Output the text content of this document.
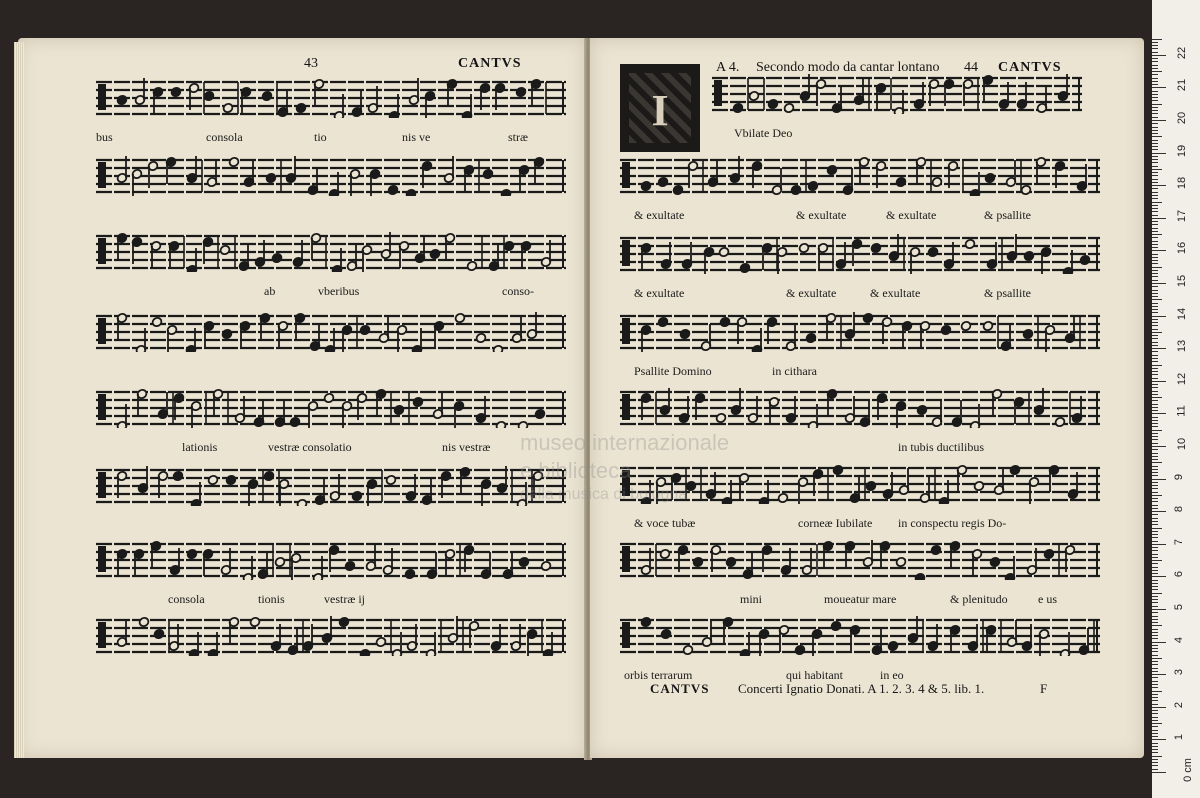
43	CANTVS
bus	consola	tio	nis ve	stræ
ab	vberibus	conso-
lationis	vestræ consolatio	nis vestræ
consola	tionis	vestræ ij
I
A 4. Secondo modo da cantar lontano 44 CANTVS
Vbilate Deo
& exultate	& exultate	& exultate	& psallite
& exultate	& exultate	& exultate	& psallite
Psallite Domino	in cithara
in tubis ductilibus
& voce tubæ	corneæ Iubilate in conspectu regis Do-
mini	moueatur mare	& plenitudo	e us
orbis terrarum	qui habitant	in eo
CANTVS Concerti Ignatio Donati. A 1. 2. 3. 4 & 5. lib. 1.	F
museo internazionale
e biblioteca
della musica di bologna
0 cm
1
2
3
4
5
6
7
8
9
10
11
12
13
14
15
16
17
18
19
20
21
22
